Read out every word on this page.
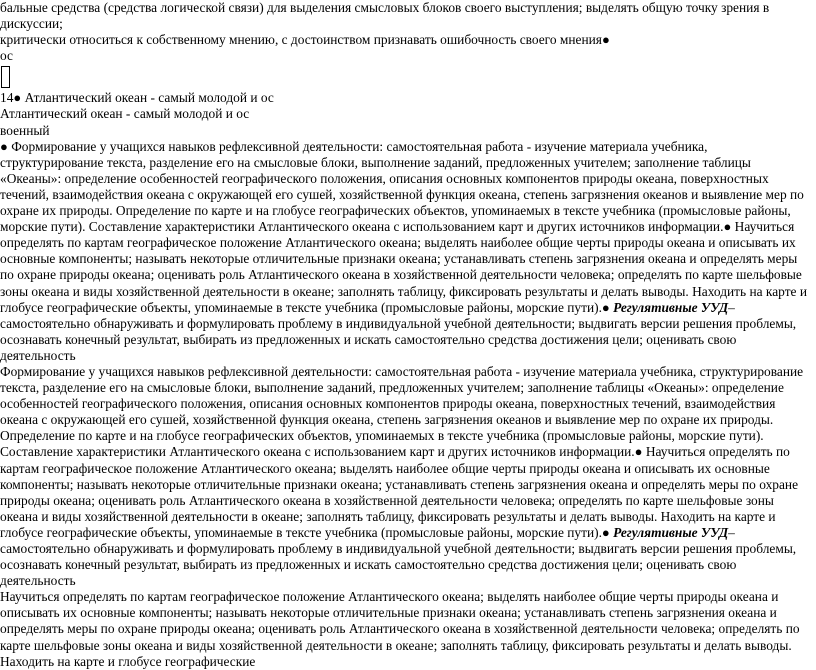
бальные средства (средства логической связи) для выделения смысловых блоков своего выступления; выделять общую точку зрения в дискуссии;

критически относиться к собственному мнению, с достоинством признавать ошибочность своего мнения●

ос

14● Атлантический океан - самый молодой и ос

Атлантический океан - самый молодой и ос

военный

● Формирование у учащихся навыков рефлексивной деятельности: самостоятельная работа - изучение материала учебника, структурирование текста, разделение его на смысловые блоки, выполнение заданий, предложенных учителем; заполнение таблицы «Океаны»: определение особенностей географического положения, описания основных компонентов природы океана, поверхностных течений, взаимодействия океана с окружающей его сушей, хозяйственной функция океана, степень загрязнения океанов и выявление мер по охране их природы. Определение по карте и на глобусе географических объектов, упоминаемых в тексте учебника (промысловые районы, морские пути). Составление характеристики Атлантического океана с использованием карт и других источников информации.● Научиться определять по картам географическое положение Атлантического океана; выделять наиболее общие черты природы океана и описывать их основные компоненты; называть некоторые отличительные признаки океана; устанавливать степень загрязнения океана и определять меры по охране природы океана; оценивать роль Атлантического океана в хозяйственной деятельности человека; определять по карте шельфовые зоны океана и виды хозяйственной деятельности в океане; заполнять таблицу, фиксировать результаты и делать выводы. Находить на карте и глобусе географические объекты, упоминаемые в тексте учебника (промысловые районы, морские пути).● Регулятивные УУД–самостоятельно обнаруживать и формулировать проблему в индивидуальной учебной деятельности; выдвигать версии решения проблемы, осознавать конечный результат, выбирать из предложенных и искать самостоятельно средства достижения цели; оценивать свою деятельность

Формирование у учащихся навыков рефлексивной деятельности: самостоятельная работа - изучение материала учебника, структурирование текста, разделение его на смысловые блоки, выполнение заданий, предложенных учителем; заполнение таблицы «Океаны»: определение особенностей географического положения, описания основных компонентов природы океана, поверхностных течений, взаимодействия океана с окружающей его сушей, хозяйственной функция океана, степень загрязнения океанов и выявление мер по охране их природы. Определение по карте и на глобусе географических объектов, упоминаемых в тексте учебника (промысловые районы, морские пути). Составление характеристики Атлантического океана с использованием карт и других источников информации.● Научиться определять по картам географическое положение Атлантического океана; выделять наиболее общие черты природы океана и описывать их основные компоненты; называть некоторые отличительные признаки океана; устанавливать степень загрязнения океана и определять меры по охране природы океана; оценивать роль Атлантического океана в хозяйственной деятельности человека; определять по карте шельфовые зоны океана и виды хозяйственной деятельности в океане; заполнять таблицу, фиксировать результаты и делать выводы. Находить на карте и глобусе географические объекты, упоминаемые в тексте учебника (промысловые районы, морские пути).● Регулятивные УУД–самостоятельно обнаруживать и формулировать проблему в индивидуальной учебной деятельности; выдвигать версии решения проблемы, осознавать конечный результат, выбирать из предложенных и искать самостоятельно средства достижения цели; оценивать свою деятельность

Научиться определять по картам географическое положение Атлантического океана; выделять наиболее общие черты природы океана и описывать их основные компоненты; называть некоторые отличительные признаки океана; устанавливать степень загрязнения океана и определять меры по охране природы океана; оценивать роль Атлантического океана в хозяйственной деятельности человека; определять по карте шельфовые зоны океана и виды хозяйственной деятельности в океане; заполнять таблицу, фиксировать результаты и делать выводы. Находить на карте и глобусе географические
